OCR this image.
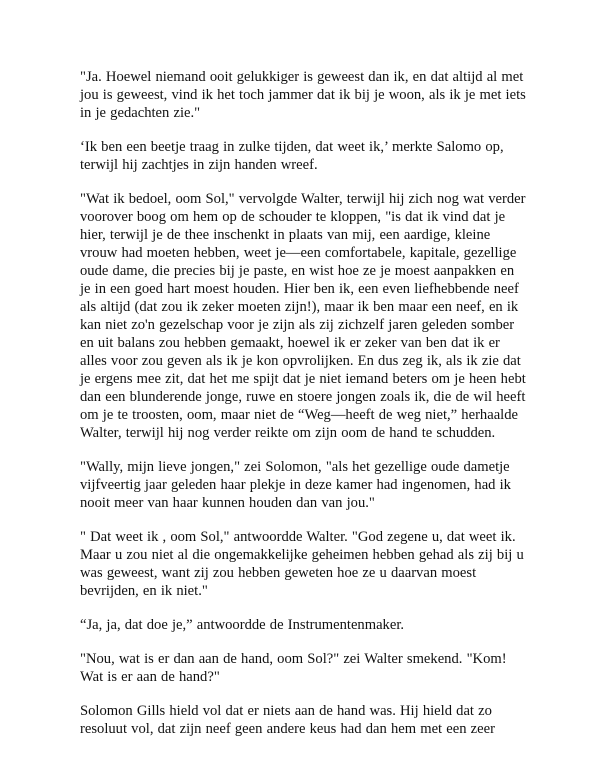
"Ja. Hoewel niemand ooit gelukkiger is geweest dan ik, en dat altijd al met jou is geweest, vind ik het toch jammer dat ik bij je woon, als ik je met iets in je gedachten zie."

‘Ik ben een beetje traag in zulke tijden, dat weet ik,’ merkte Salomo op, terwijl hij zachtjes in zijn handen wreef.

"Wat ik bedoel, oom Sol," vervolgde Walter, terwijl hij zich nog wat verder voorover boog om hem op de schouder te kloppen, "is dat ik vind dat je hier, terwijl je de thee inschenkt in plaats van mij, een aardige, kleine vrouw had moeten hebben, weet je—een comfortabele, kapitale, gezellige oude dame, die precies bij je paste, en wist hoe ze je moest aanpakken en je in een goed hart moest houden. Hier ben ik, een even liefhebbende neef als altijd (dat zou ik zeker moeten zijn!), maar ik ben maar een neef, en ik kan niet zo'n gezelschap voor je zijn als zij zichzelf jaren geleden somber en uit balans zou hebben gemaakt, hoewel ik er zeker van ben dat ik er alles voor zou geven als ik je kon opvrolijken. En dus zeg ik, als ik zie dat je ergens mee zit, dat het me spijt dat je niet iemand beters om je heen hebt dan een blunderende jonge, ruwe en stoere jongen zoals ik, die de wil heeft om je te troosten, oom, maar niet de “Weg—heeft de weg niet,” herhaalde Walter, terwijl hij nog verder reikte om zijn oom de hand te schudden.

"Wally, mijn lieve jongen," zei Solomon, "als het gezellige oude dametje vijfveertig jaar geleden haar plekje in deze kamer had ingenomen, had ik nooit meer van haar kunnen houden dan van jou."

" Dat weet ik , oom Sol," antwoordde Walter. "God zegene u, dat weet ik. Maar u zou niet al die ongemakkelijke geheimen hebben gehad als zij bij u was geweest, want zij zou hebben geweten hoe ze u daarvan moest bevrijden, en ik niet."

“Ja, ja, dat doe je,” antwoordde de Instrumentenmaker.

"Nou, wat is er dan aan de hand, oom Sol?" zei Walter smekend. "Kom! Wat is er aan de hand?"

Solomon Gills hield vol dat er niets aan de hand was. Hij hield dat zo resoluut vol, dat zijn neef geen andere keus had dan hem met een zeer
